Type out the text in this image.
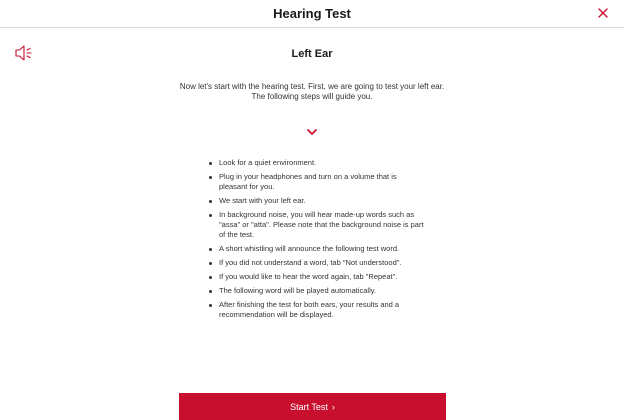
Hearing Test
Left Ear
Now let's start with the hearing test. First, we are going to test your left ear. The following steps will guide you.
Look for a quiet environment.
Plug in your headphones and turn on a volume that is pleasant for you.
We start with your left ear.
In background noise, you will hear made-up words such as "assa" or "atta". Please note that the background noise is part of the test.
A short whistling will announce the following test word.
If you did not understand a word, tab "Not understood".
If you would like to hear the word again, tab "Repeat".
The following word will be played automatically.
After finishing the test for both ears, your results and a recommendation will be displayed.
Start Test ›
